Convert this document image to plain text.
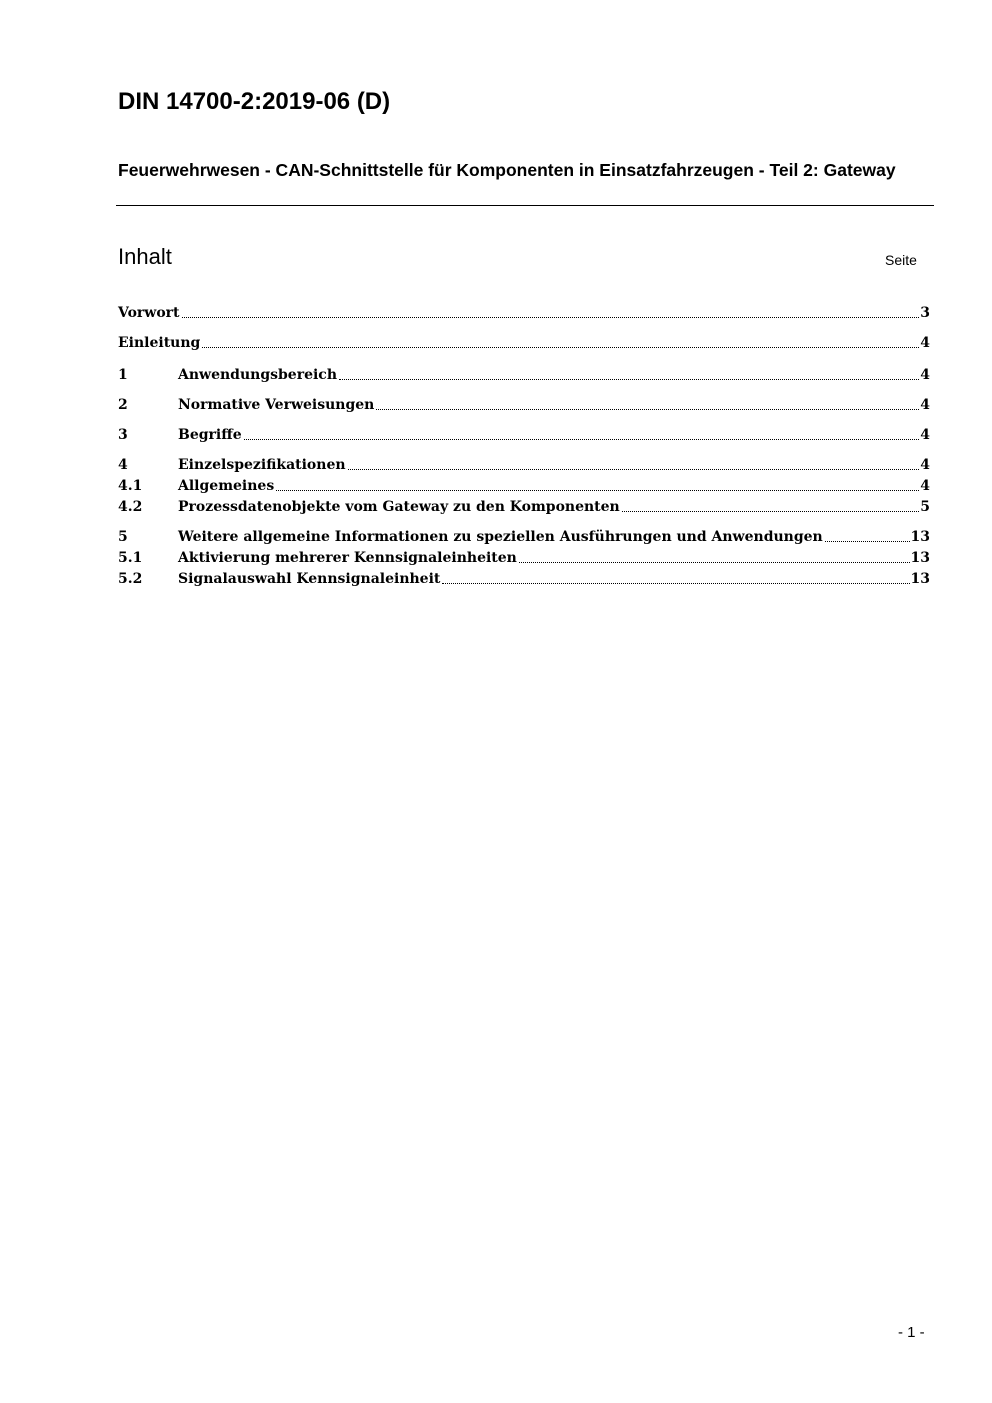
DIN 14700-2:2019-06 (D)
Feuerwehrwesen - CAN-Schnittstelle für Komponenten in Einsatzfahrzeugen - Teil 2: Gateway
Inhalt	Seite
Vorwort	3
Einleitung	4
1	Anwendungsbereich	4
2	Normative Verweisungen	4
3	Begriffe	4
4	Einzelspezifikationen	4
4.1	Allgemeines	4
4.2	Prozessdatenobjekte vom Gateway zu den Komponenten	5
5	Weitere allgemeine Informationen zu speziellen Ausführungen und Anwendungen	13
5.1	Aktivierung mehrerer Kennsignaleinheiten	13
5.2	Signalauswahl Kennsignaleinheit	13
- 1 -
